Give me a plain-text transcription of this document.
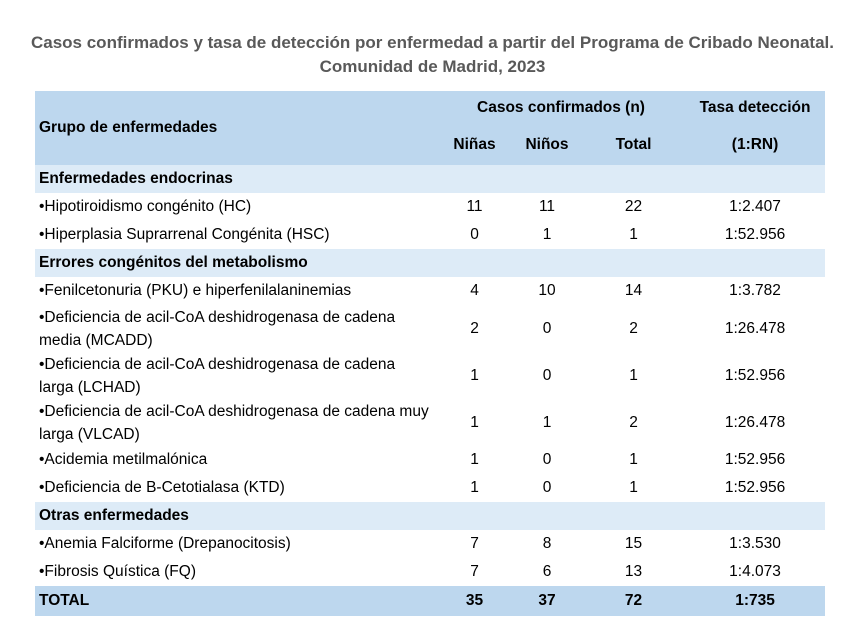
Casos confirmados y tasa de detección por enfermedad a partir del Programa de Cribado Neonatal. Comunidad de Madrid, 2023
Grupo de enfermedades	Casos confirmados (n)			Tasa detección
	Niñas	Niños	Total	(1:RN)
Enfermedades endocrinas				
•Hipotiroidismo congénito (HC)	11	11	22	1:2.407
•Hiperplasia Suprarrenal Congénita (HSC)	0	1	1	1:52.956
Errores congénitos del metabolismo				
•Fenilcetonuria (PKU) e hiperfenilalaninemias	4	10	14	1:3.782
•Deficiencia de acil-CoA deshidrogenasa de cadena media (MCADD)	2	0	2	1:26.478
•Deficiencia de acil-CoA deshidrogenasa de cadena larga (LCHAD)	1	0	1	1:52.956
•Deficiencia de acil-CoA deshidrogenasa de cadena muy larga (VLCAD)	1	1	2	1:26.478
•Acidemia metilmalónica	1	0	1	1:52.956
•Deficiencia de B-Cetotialasa (KTD)	1	0	1	1:52.956
Otras enfermedades				
•Anemia Falciforme (Drepanocitosis)	7	8	15	1:3.530
•Fibrosis Quística (FQ)	7	6	13	1:4.073
TOTAL	35	37	72	1:735
